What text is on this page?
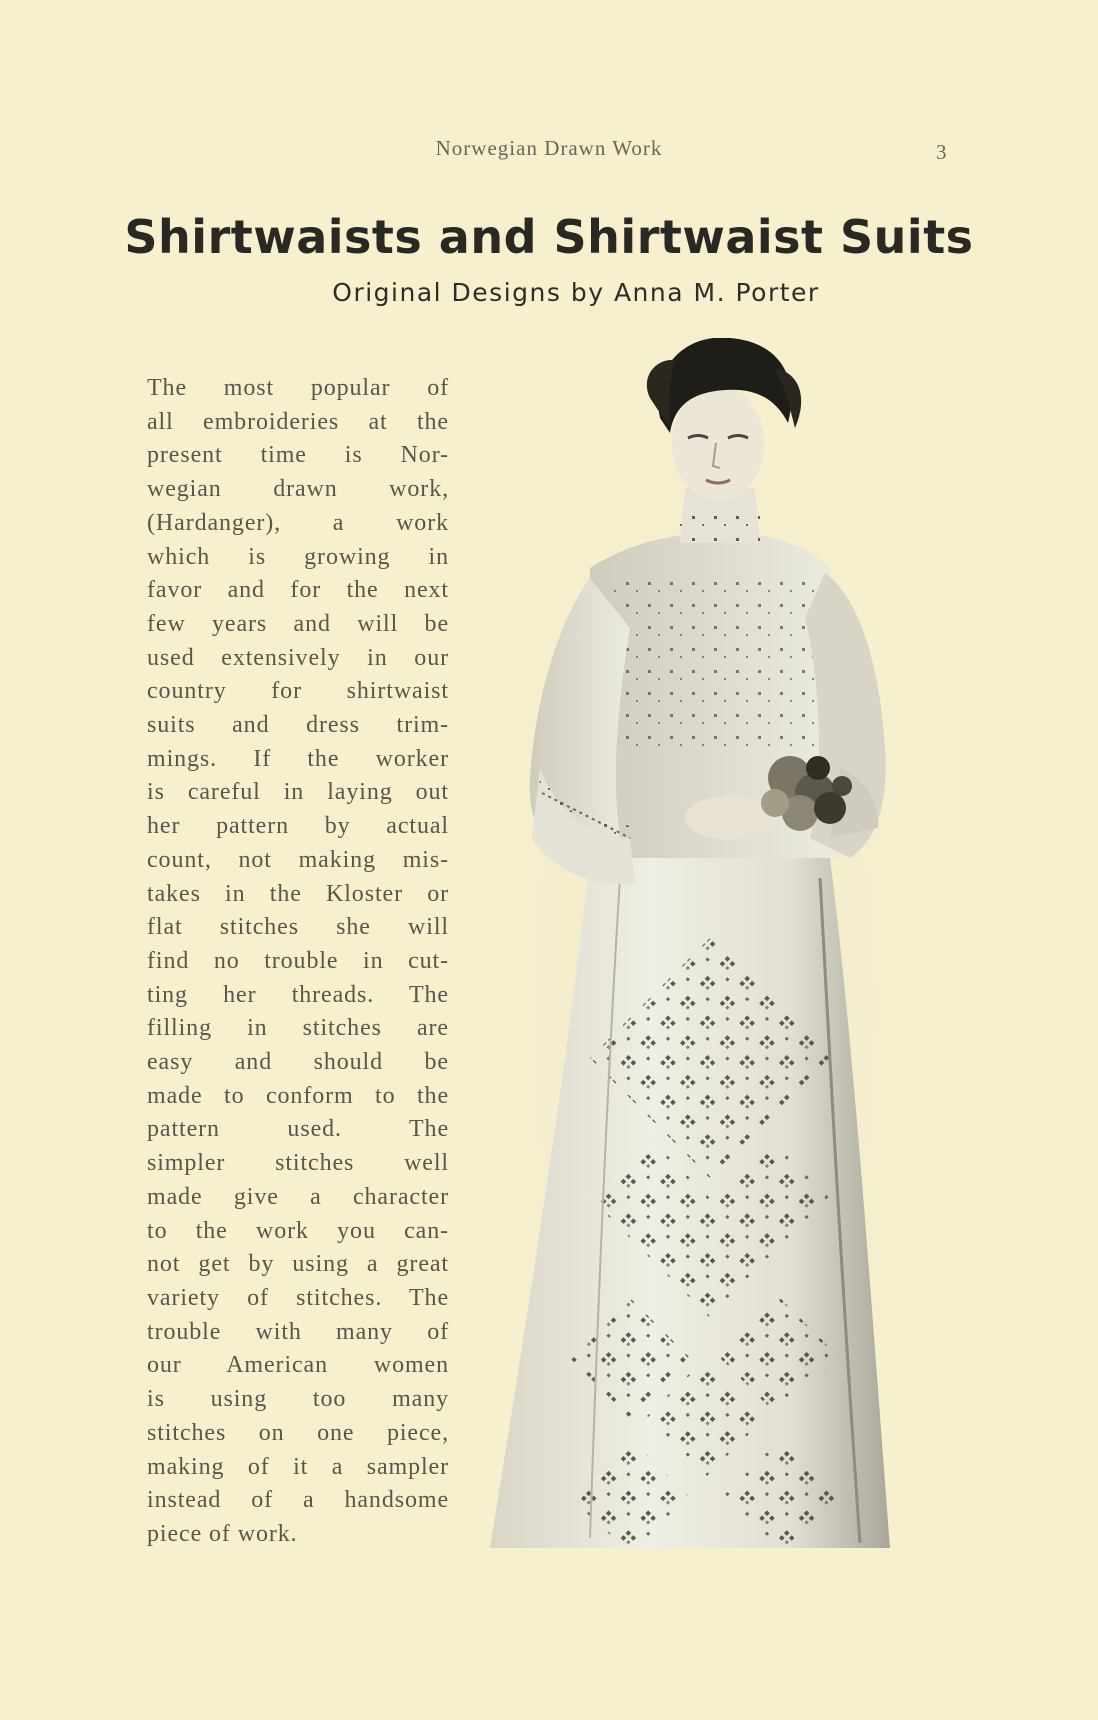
Norwegian Drawn Work	3
Shirtwaists and Shirtwaist Suits
Original Designs by Anna M. Porter
The most popular of
all embroideries at the
present time is Nor-
wegian drawn work,
(Hardanger), a work
which is growing in
favor and for the next
few years and will be
used extensively in our
country for shirtwaist
suits and dress trim-
mings. If the worker
is careful in laying out
her pattern by actual
count, not making mis-
takes in the Kloster or
flat stitches she will
find no trouble in cut-
ting her threads. The
filling in stitches are
easy and should be
made to conform to the
pattern used. The
simpler stitches well
made give a character
to the work you can-
not get by using a great
variety of stitches. The
trouble with many of
our American women
is using too many
stitches on one piece,
making of it a sampler
instead of a handsome
piece of work.
